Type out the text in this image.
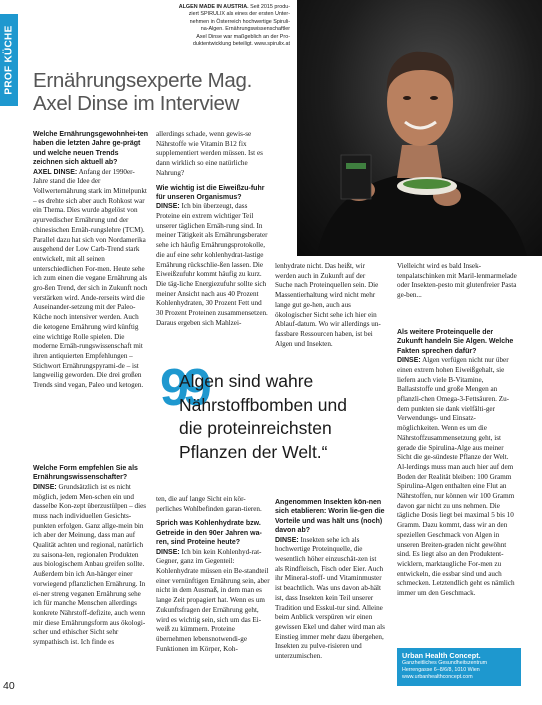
PROF KÜCHE
ALGEN MADE IN AUSTRIA. Seit 2015 produ-
ziert SPIRULIX als eines der ersten Unter-
nehmen in Österreich hochwertige Spiruli-
na-Algen. Ernährungswissenschaftler
Axel Dinse war maßgeblich an der Pro-
duktentwicklung beteiligt. www.spirulix.at
Ernährungsexperte Mag.
Axel Dinse im Interview

Welche Ernährungsgewohnhei-ten haben die letzten Jahre ge-prägt und welche neuen Trends zeichnen sich aktuell ab?

AXEL DINSE: Anfang der 1990er-Jahre stand die Idee der Vollwerternährung stark im Mittelpunkt – es drehte sich aber auch Rohkost war ein Thema. Dies wurde abgelöst von ayurvedischer Ernährung und der chinesischen Ernäh-rungslehre (TCM). Parallel dazu hat sich von Nordamerika ausgehend der Low Carb-Trend stark entwickelt, mit all seinen unterschiedlichen For-men. Heute sehe ich zum einen die vegane Ernährung als gro-ßen Trend, der sich in Zukunft noch verstärken wird. Ande-rerseits wird die Auseinander-setzung mit der Paleo-Küche noch intensiver werden. Auch die ketogene Ernährung wird künftig eine wichtige Rolle spielen. Die moderne Ernäh-rungswissenschaft mit ihren antiquierten Empfehlungen – Stichwort Ernährungspyrami-de – ist langweilig geworden. Die drei großen Trends sind vegan, Paleo und ketogen.

Welche Form empfehlen Sie als Ernährungswissenschafter?

DINSE: Grundsätzlich ist es nicht möglich, jedem Men-schen ein und dasselbe Kon-zept überzustülpen – dies muss nach individuellen Gesichts-punkten erfolgen. Ganz allge-mein bin ich aber der Meinung, dass man auf Qualität achten und regional, natürlich zu saisona-len, regionalen Produkten aus biologischem Anbau greifen sollte. Außerdem bin ich An-hänger einer vorwiegend pflanzlichen Ernährung. In ei-ner streng veganen Ernährung sehe ich für manche Menschen allerdings konkrete Nährstoff-defizite, auch wenn mir diese Ernährungsform aus ökologi-scher und ethischer Sicht sehr sympathisch ist. Ich finde es

allerdings schade, wenn gewis-se Nährstoffe wie Vitamin B12 fix supplementiert werden müssen. Ist es dann wirklich so eine natürliche Nahrung?

Wie wichtig ist die Eiweißzu-fuhr für unseren Organismus?

DINSE: Ich bin überzeugt, dass Proteine ein extrem wichtiger Teil unserer täglichen Ernäh-rung sind. In meiner Tätigkeit als Ernährungsberater sehe ich häufig Ernährungsprotokolle, die auf eine sehr kohlenhydrat-lastige Ernährung rückschlie-ßen lassen. Die Eiweißzufuhr kommt häufig zu kurz. Die täg-liche Energiezufuhr sollte sich meiner Ansicht nach aus 40 Prozent Kohlenhydraten, 30 Prozent Fett und 30 Prozent Proteinen zusammensetzen. Daraus ergeben sich Mahlzei-

ten, die auf lange Sicht ein kör-perliches Wohlbefinden garan-tieren.

Sprich was Kohlenhydrate bzw. Getreide in den 90er Jahren wa-ren, sind Proteine heute?

DINSE: Ich bin kein Kohlenhyd-rat-Gegner, ganz im Gegenteil: Kohlenhydrate müssen ein Be-standteil einer vernünftigen Ernährung sein, aber nicht in dem Ausmaß, in dem man es lange Zeit propagiert hat. Wenn es um Zukunftsfragen der Ernährung geht, wird es wichtig sein, sich um das Ei-weiß zu kümmern. Proteine übernehmen lebensnotwendi-ge Funktionen im Körper, Koh-

lenhydrate nicht. Das heißt, wir werden auch in Zukunft auf der Suche nach Proteinquellen sein. Die Massentierhaltung wird nicht mehr lange gut ge-hen, auch aus ökologischer Sicht sehe ich hier ein Ablauf-datum. Wo wir allerdings un-fassbare Ressourcen haben, ist bei Algen und Insekten.

Angenommen Insekten kön-nen sich etablieren: Worin lie-gen die Vorteile und was hält uns (noch) davon ab?

DINSE: Insekten sehe ich als hochwertige Proteinquelle, die wesentlich höher einzuschät-zen ist als Rindfleisch, Fisch oder Eier. Auch ihr Mineral-stoff- und Vitaminmuster ist beachtlich. Was uns davon ab-hält ist, dass Insekten kein Teil unserer Tradition und Esskul-tur sind. Alleine beim Anblick verspüren wir einen gewissen Ekel und daher wird man als Einstieg immer mehr dazu übergehen, Insekten zu pulve-risieren und unterzumischen.

Vielleicht wird es bald Insek-tenpalatschinken mit Maril-lenmarmelade oder Insekten-pesto mit glutenfreier Pasta ge-ben...

Als weitere Proteinquelle der Zukunft handeln Sie Algen. Welche Fakten sprechen dafür?

DINSE: Algen verfügen nicht nur über einen extrem hohen Eiweißgehalt, sie liefern auch viele B-Vitamine, Ballaststoffe und große Mengen an pflanzli-chen Omega-3-Fettsäuren. Zu-dem punkten sie dank vielfälti-ger Verwendungs- und Einsatz-möglichkeiten. Wenn es um die Nährstoffzusammensetzung geht, ist gerade die Spirulina-Alge aus meiner Sicht die ge-sündeste Pflanze der Welt. Al-lerdings muss man auch hier auf dem Boden der Realität bleiben: 100 Gramm Spirulina-Algen enthalten eine Flut an Nährstoffen, nur können wir 100 Gramm davon gar nicht zu uns nehmen. Die tägliche Dosis liegt bei maximal 5 bis 10 Gramm. Dazu kommt, dass wir an den speziellen Geschmack von Algen in unseren Breiten-graden nicht gewöhnt sind. Es liegt also an den Produktent-wicklern, marktaugliche For-men zu entwickeln, die essbar sind und auch schmecken. Letztendlich geht es nämlich immer um den Geschmack.

99
Algen sind wahre
Nährstoffbomben und
die proteinreichsten
Pflanzen der Welt.“
Urban Health Concept.
Ganzheitliches Gesundheitszentrum
Herrengasse 6–8/6/8, 1010 Wien
www.urbanhealthconcept.com
40
